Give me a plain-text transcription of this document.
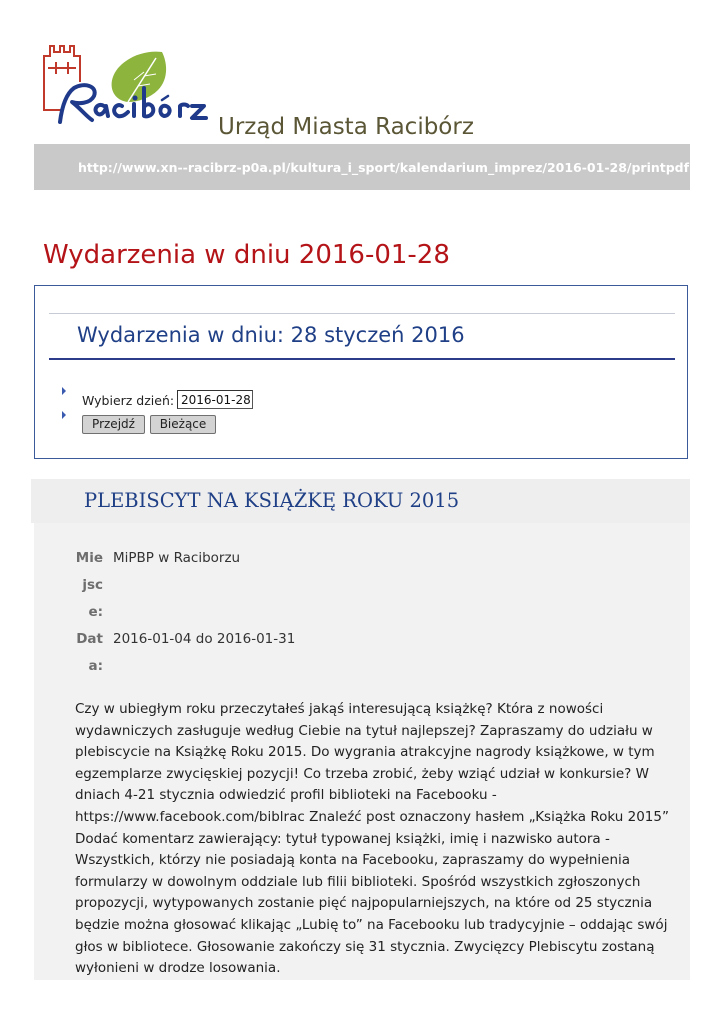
Urząd Miasta Racibórz
http://www.xn--racibrz-p0a.pl/kultura_i_sport/kalendarium_imprez/2016-01-28/printpdf
Wydarzenia w dniu 2016-01-28
Wydarzenia w dniu: 28 styczeń 2016
Wybierz dzień:
2016-01-28
Przejdź	Bieżące
PLEBISCYT NA KSIĄŻKĘ ROKU 2015
Miejsce:
MiPBP w Raciborzu
Data:
2016-01-04 do 2016-01-31

Czy w ubiegłym roku przeczytałeś jakąś interesującą książkę? Która z nowości wydawniczych zasługuje według Ciebie na tytuł najlepszej? Zapraszamy do udziału w plebiscycie na Książkę Roku 2015. Do wygrania atrakcyjne nagrody książkowe, w tym egzemplarze zwycięskiej pozycji! Co trzeba zrobić, żeby wziąć udział w konkursie? W dniach 4-21 stycznia odwiedzić profil biblioteki na Facebooku - https://www.facebook.com/biblrac Znaleźć post oznaczony hasłem „Książka Roku 2015” Dodać komentarz zawierający: tytuł typowanej książki, imię i nazwisko autora -Wszystkich, którzy nie posiadają konta na Facebooku, zapraszamy do wypełnienia formularzy w dowolnym oddziale lub filii biblioteki. Spośród wszystkich zgłoszonych propozycji, wytypowanych zostanie pięć najpopularniejszych, na które od 25 stycznia będzie można głosować klikając „Lubię to” na Facebooku lub tradycyjnie – oddając swój głos w bibliotece. Głosowanie zakończy się 31 stycznia. Zwycięzcy Plebiscytu zostaną wyłonieni w drodze losowania.
